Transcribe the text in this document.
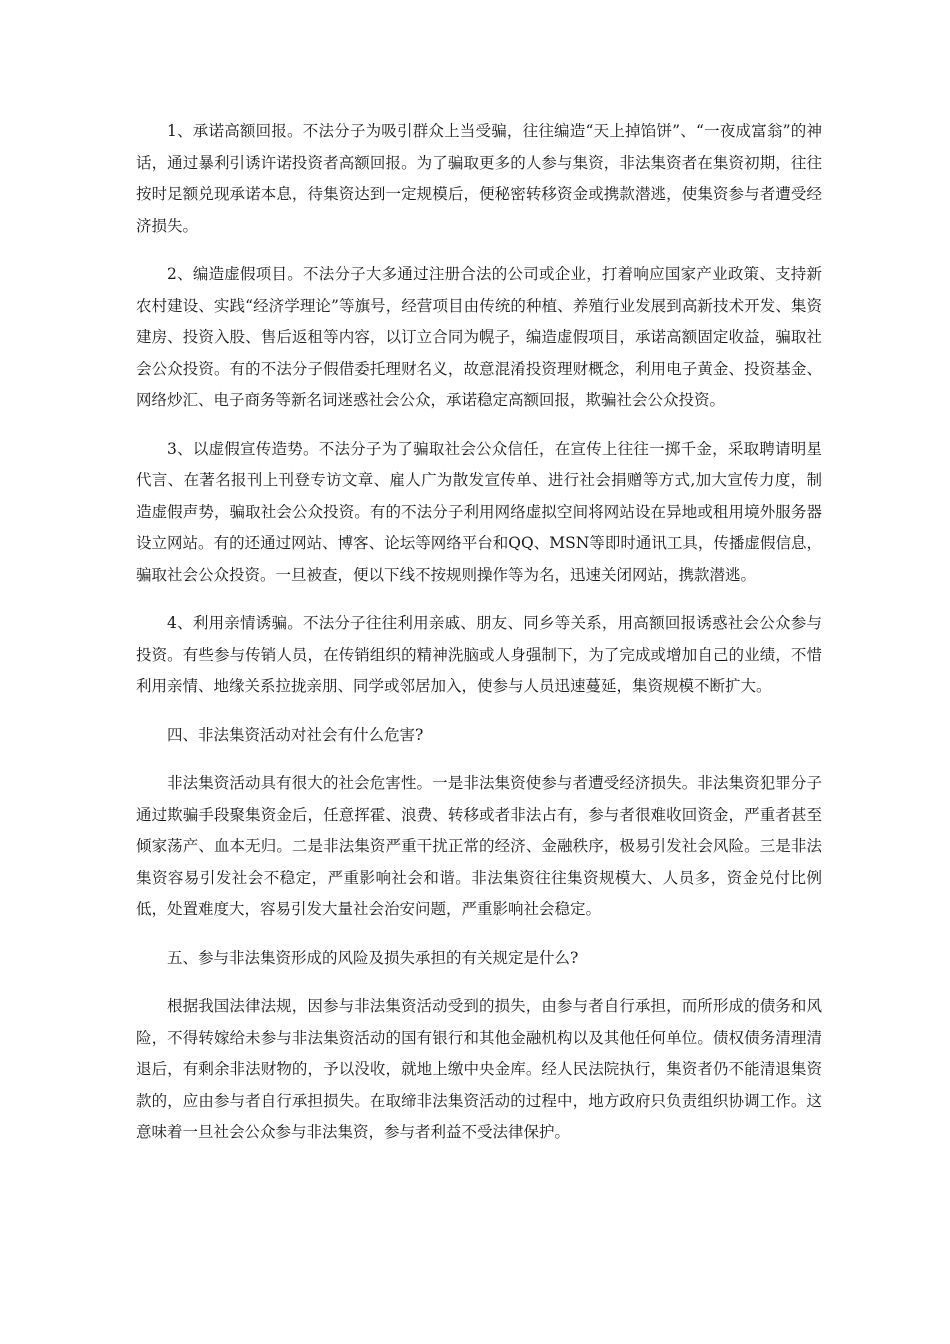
1、承诺高额回报。不法分子为吸引群众上当受骗，往往编造“天上掉馅饼”、“一夜成富翁”的神话，通过暴利引诱许诺投资者高额回报。为了骗取更多的人参与集资，非法集资者在集资初期，往往按时足额兑现承诺本息，待集资达到一定规模后，便秘密转移资金或携款潜逃，使集资参与者遭受经济损失。

2、编造虚假项目。不法分子大多通过注册合法的公司或企业，打着响应国家产业政策、支持新农村建设、实践“经济学理论”等旗号，经营项目由传统的种植、养殖行业发展到高新技术开发、集资建房、投资入股、售后返租等内容，以订立合同为幌子，编造虚假项目，承诺高额固定收益，骗取社会公众投资。有的不法分子假借委托理财名义，故意混淆投资理财概念，利用电子黄金、投资基金、网络炒汇、电子商务等新名词迷惑社会公众，承诺稳定高额回报，欺骗社会公众投资。

3、以虚假宣传造势。不法分子为了骗取社会公众信任，在宣传上往往一掷千金，采取聘请明星代言、在著名报刊上刊登专访文章、雇人广为散发宣传单、进行社会捐赠等方式,加大宣传力度，制造虚假声势，骗取社会公众投资。有的不法分子利用网络虚拟空间将网站设在异地或租用境外服务器设立网站。有的还通过网站、博客、论坛等网络平台和QQ、MSN等即时通讯工具，传播虚假信息，骗取社会公众投资。一旦被查，便以下线不按规则操作等为名，迅速关闭网站，携款潜逃。

4、利用亲情诱骗。不法分子往往利用亲戚、朋友、同乡等关系，用高额回报诱惑社会公众参与投资。有些参与传销人员，在传销组织的精神洗脑或人身强制下，为了完成或增加自己的业绩，不惜利用亲情、地缘关系拉拢亲朋、同学或邻居加入，使参与人员迅速蔓延，集资规模不断扩大。

四、非法集资活动对社会有什么危害?

非法集资活动具有很大的社会危害性。一是非法集资使参与者遭受经济损失。非法集资犯罪分子通过欺骗手段聚集资金后，任意挥霍、浪费、转移或者非法占有，参与者很难收回资金，严重者甚至倾家荡产、血本无归。二是非法集资严重干扰正常的经济、金融秩序，极易引发社会风险。三是非法集资容易引发社会不稳定，严重影响社会和谐。非法集资往往集资规模大、人员多，资金兑付比例低，处置难度大，容易引发大量社会治安问题，严重影响社会稳定。

五、参与非法集资形成的风险及损失承担的有关规定是什么?

根据我国法律法规，因参与非法集资活动受到的损失，由参与者自行承担，而所形成的债务和风险，不得转嫁给未参与非法集资活动的国有银行和其他金融机构以及其他任何单位。债权债务清理清退后，有剩余非法财物的，予以没收，就地上缴中央金库。经人民法院执行，集资者仍不能清退集资款的，应由参与者自行承担损失。在取缔非法集资活动的过程中，地方政府只负责组织协调工作。这意味着一旦社会公众参与非法集资，参与者利益不受法律保护。
